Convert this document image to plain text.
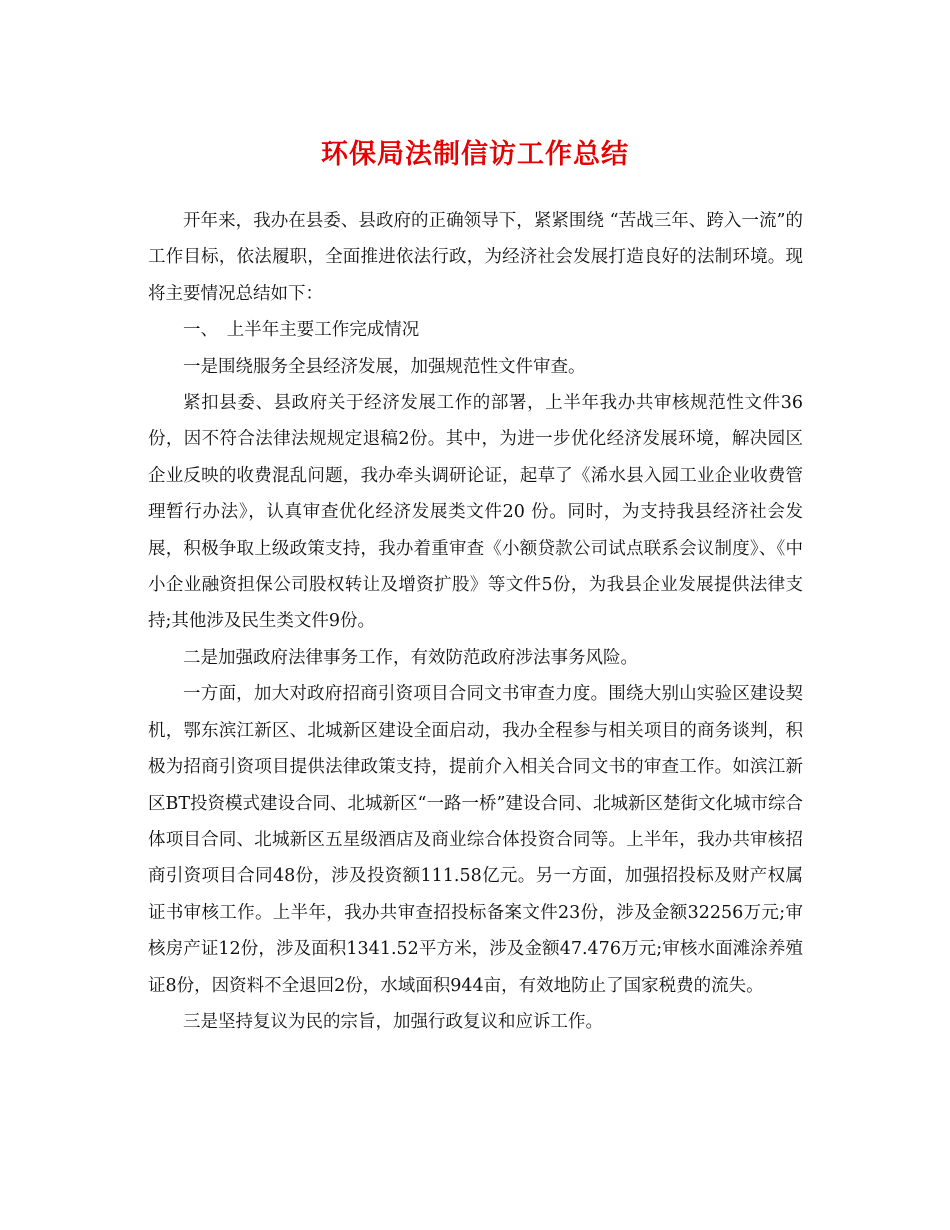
环保局法制信访工作总结

开年来，我办在县委、县政府的正确领导下，紧紧围绕 “苦战三年、跨入一流”的工作目标，依法履职，全面推进依法行政，为经济社会发展打造良好的法制环境。现将主要情况总结如下：

一、　上半年主要工作完成情况

一是围绕服务全县经济发展，加强规范性文件审查。

紧扣县委、县政府关于经济发展工作的部署，上半年我办共审核规范性文件36份，因不符合法律法规规定退稿2份。其中，为进一步优化经济发展环境，解决园区企业反映的收费混乱问题，我办牵头调研论证，起草了《浠水县入园工业企业收费管理暂行办法》，认真审查优化经济发展类文件20 份。同时，为支持我县经济社会发展，积极争取上级政策支持，我办着重审查《小额贷款公司试点联系会议制度》、《中小企业融资担保公司股权转让及增资扩股》等文件5份，为我县企业发展提供法律支持;其他涉及民生类文件9份。

二是加强政府法律事务工作，有效防范政府涉法事务风险。

一方面，加大对政府招商引资项目合同文书审查力度。围绕大别山实验区建设契机，鄂东滨江新区、北城新区建设全面启动，我办全程参与相关项目的商务谈判，积极为招商引资项目提供法律政策支持，提前介入相关合同文书的审查工作。如滨江新区BT投资模式建设合同、北城新区“一路一桥”建设合同、北城新区楚街文化城市综合体项目合同、北城新区五星级酒店及商业综合体投资合同等。上半年，我办共审核招商引资项目合同48份，涉及投资额111.58亿元。另一方面，加强招投标及财产权属证书审核工作。上半年，我办共审查招投标备案文件23份，涉及金额32256万元;审核房产证12份，涉及面积1341.52平方米，涉及金额47.476万元;审核水面滩涂养殖证8份，因资料不全退回2份，水域面积944亩，有效地防止了国家税费的流失。

三是坚持复议为民的宗旨，加强行政复议和应诉工作。
